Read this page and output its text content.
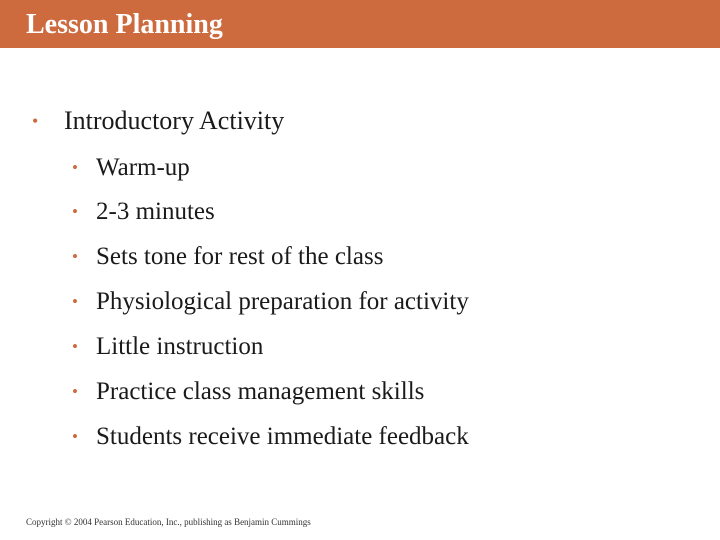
Lesson Planning
• Introductory Activity
• Warm-up
• 2-3 minutes
• Sets tone for rest of the class
• Physiological preparation for activity
• Little instruction
• Practice class management skills
• Students receive immediate feedback
Copyright © 2004 Pearson Education, Inc., publishing as Benjamin Cummings
